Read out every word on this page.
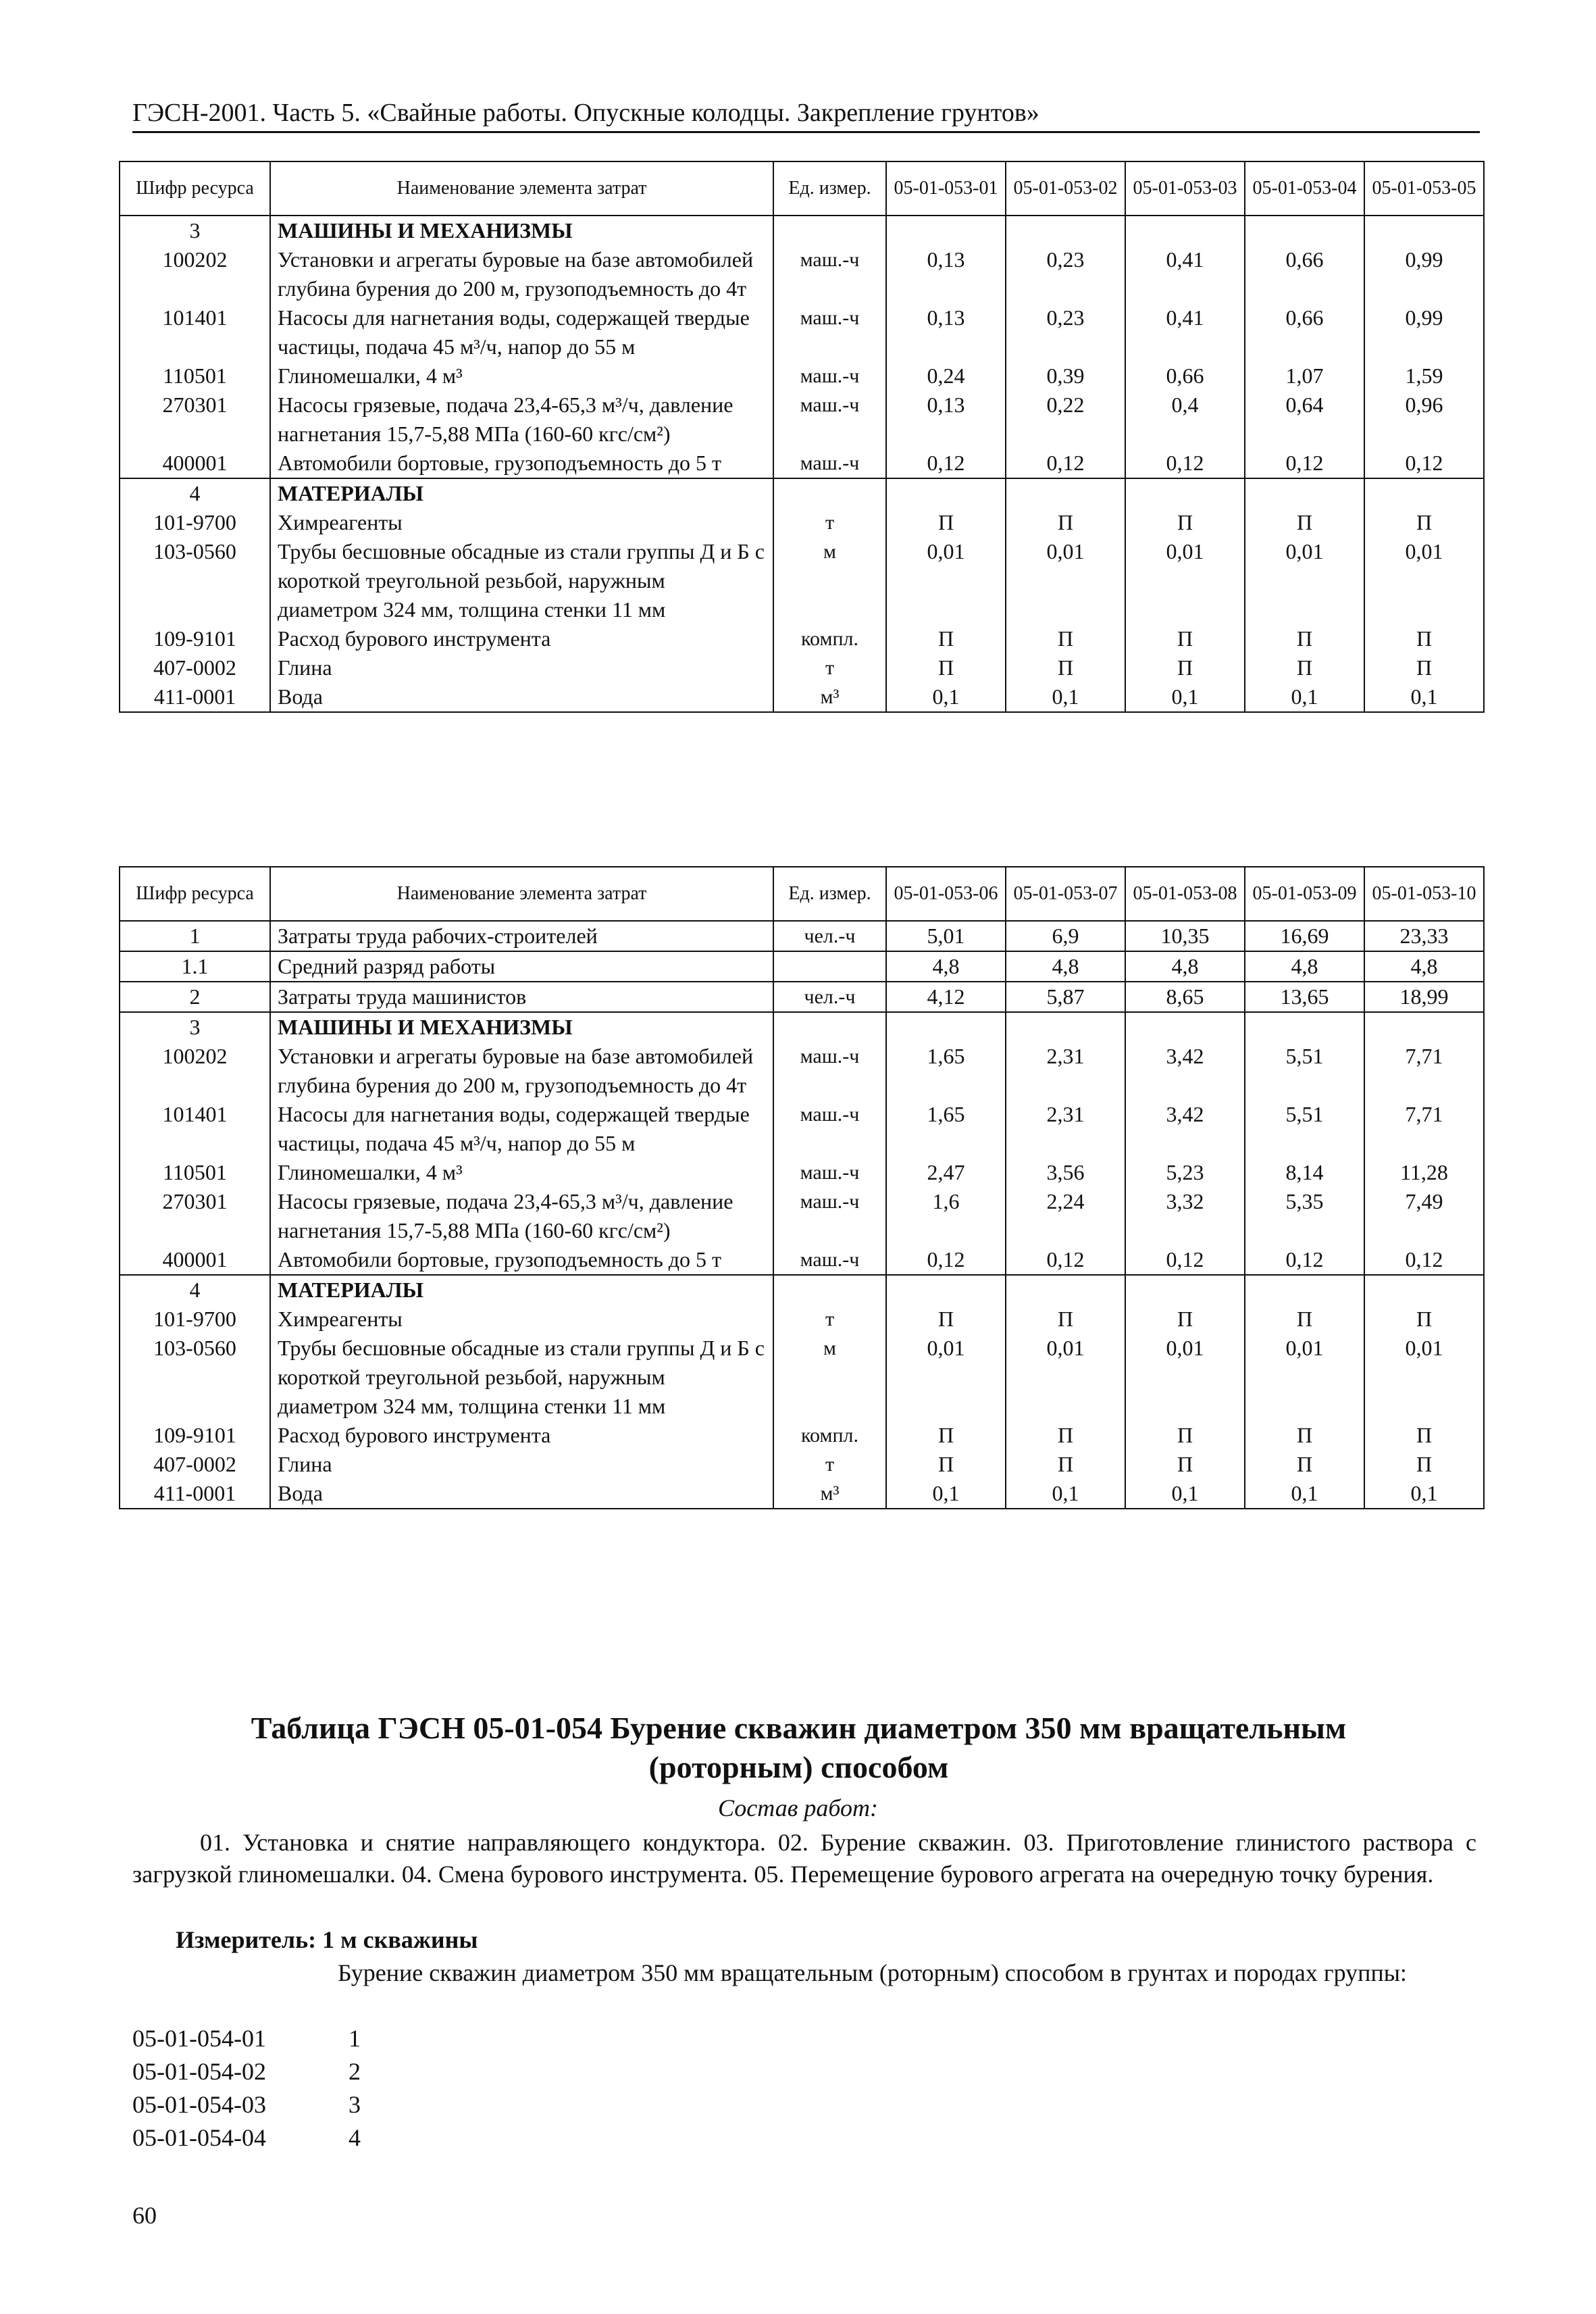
ГЭСН-2001. Часть 5. «Свайные работы. Опускные колодцы. Закрепление грунтов»
Шифр ресурса	Наименование элемента затрат	Ед. измер.	05-01-053-01	05-01-053-02	05-01-053-03	05-01-053-04	05-01-053-05
3	МАШИНЫ И МЕХАНИЗМЫ						
100202	Установки и агрегаты буровые на базе автомобилей глубина бурения до 200 м, грузоподъемность до 4т	маш.-ч	0,13	0,23	0,41	0,66	0,99
101401	Насосы для нагнетания воды, содержащей твердые частицы, подача 45 м³/ч, напор до 55 м	маш.-ч	0,13	0,23	0,41	0,66	0,99
110501	Глиномешалки, 4 м³	маш.-ч	0,24	0,39	0,66	1,07	1,59
270301	Насосы грязевые, подача 23,4-65,3 м³/ч, давление нагнетания 15,7-5,88 МПа (160-60 кгс/см²)	маш.-ч	0,13	0,22	0,4	0,64	0,96
400001	Автомобили бортовые, грузоподъемность до 5 т	маш.-ч	0,12	0,12	0,12	0,12	0,12
4	МАТЕРИАЛЫ						
101-9700	Химреагенты	т	П	П	П	П	П
103-0560	Трубы бесшовные обсадные из стали группы Д и Б с короткой треугольной резьбой, наружным диаметром 324 мм, толщина стенки 11 мм	м	0,01	0,01	0,01	0,01	0,01
109-9101	Расход бурового инструмента	компл.	П	П	П	П	П
407-0002	Глина	т	П	П	П	П	П
411-0001	Вода	м³	0,1	0,1	0,1	0,1	0,1
Шифр ресурса	Наименование элемента затрат	Ед. измер.	05-01-053-06	05-01-053-07	05-01-053-08	05-01-053-09	05-01-053-10
1	Затраты труда рабочих-строителей	чел.-ч	5,01	6,9	10,35	16,69	23,33
1.1	Средний разряд работы		4,8	4,8	4,8	4,8	4,8
2	Затраты труда машинистов	чел.-ч	4,12	5,87	8,65	13,65	18,99
3	МАШИНЫ И МЕХАНИЗМЫ						
100202	Установки и агрегаты буровые на базе автомобилей глубина бурения до 200 м, грузоподъемность до 4т	маш.-ч	1,65	2,31	3,42	5,51	7,71
101401	Насосы для нагнетания воды, содержащей твердые частицы, подача 45 м³/ч, напор до 55 м	маш.-ч	1,65	2,31	3,42	5,51	7,71
110501	Глиномешалки, 4 м³	маш.-ч	2,47	3,56	5,23	8,14	11,28
270301	Насосы грязевые, подача 23,4-65,3 м³/ч, давление нагнетания 15,7-5,88 МПа (160-60 кгс/см²)	маш.-ч	1,6	2,24	3,32	5,35	7,49
400001	Автомобили бортовые, грузоподъемность до 5 т	маш.-ч	0,12	0,12	0,12	0,12	0,12
4	МАТЕРИАЛЫ						
101-9700	Химреагенты	т	П	П	П	П	П
103-0560	Трубы бесшовные обсадные из стали группы Д и Б с короткой треугольной резьбой, наружным диаметром 324 мм, толщина стенки 11 мм	м	0,01	0,01	0,01	0,01	0,01
109-9101	Расход бурового инструмента	компл.	П	П	П	П	П
407-0002	Глина	т	П	П	П	П	П
411-0001	Вода	м³	0,1	0,1	0,1	0,1	0,1
Таблица ГЭСН 05-01-054 Бурение скважин диаметром 350 мм вращательным
(роторным) способом
Состав работ:
01. Установка и снятие направляющего кондуктора. 02. Бурение скважин. 03. Приготовление глинистого раствора с загрузкой глиномешалки. 04. Смена бурового инструмента. 05. Перемещение бурового агрегата на очередную точку бурения.
Измеритель: 1 м скважины
Бурение скважин диаметром 350 мм вращательным (роторным) способом в грунтах и породах группы:
05-01-054-01	1
05-01-054-02	2
05-01-054-03	3
05-01-054-04	4
60
